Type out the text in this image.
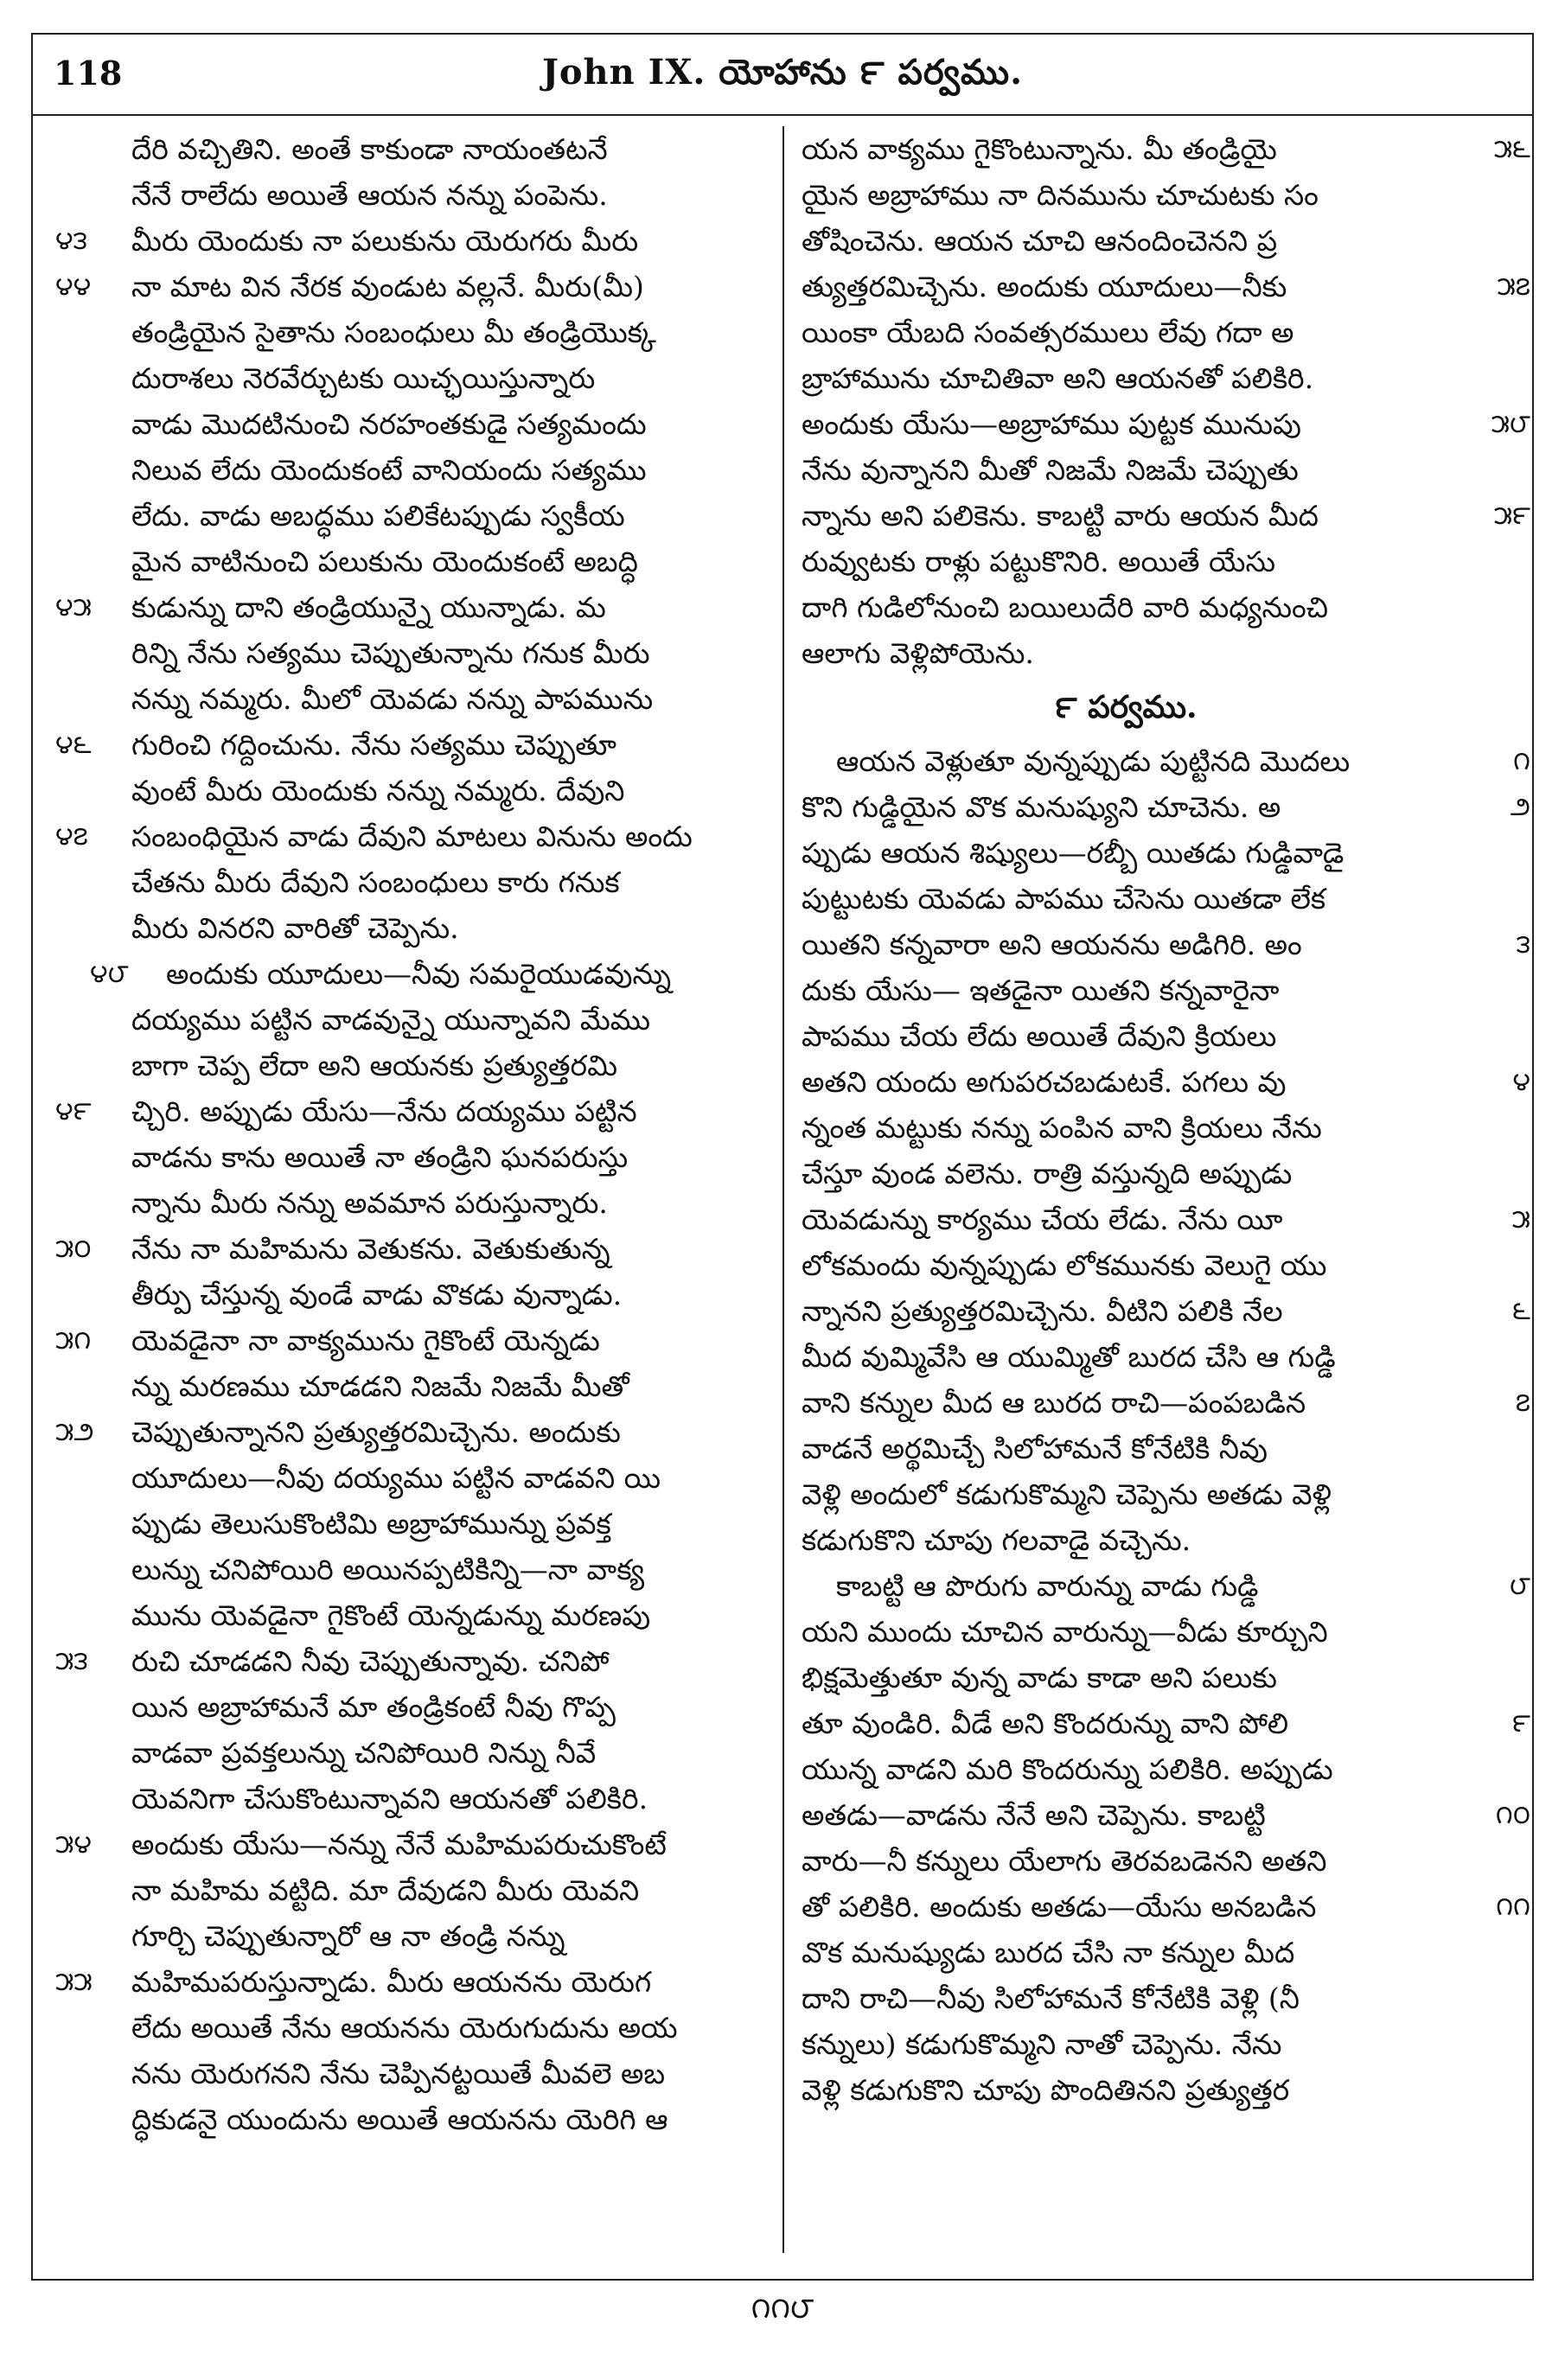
118	John IX. యోహాను ౯ పర్వము.
దేరి వచ్చితిని. అంతే కాకుండా నాయంతటనే
నేనే రాలేదు అయితే ఆయన నన్ను పంపెను.
మీరు యెందుకు నా పలుకును యెరుగరు మీరు
౪౩
నా మాట విన నేరక వుండుట వల్లనే. మీరు(మీ)
౪౪
తండ్రియైన సైతాను సంబంధులు మీ తండ్రియొక్క
దురాశలు నెరవేర్చుటకు యిచ్ఛయిస్తున్నారు
వాడు మొదటినుంచి నరహంతకుడై సత్యమందు
నిలువ లేదు యెందుకంటే వానియందు సత్యము
లేదు. వాడు అబద్ధము పలికేటప్పుడు స్వకీయ
మైన వాటినుంచి పలుకును యెందుకంటే అబద్ధి
కుడున్ను దాని తండ్రియున్నై యున్నాడు. మ
౪౫
రిన్ని నేను సత్యము చెప్పుతున్నాను గనుక మీరు
నన్ను నమ్మరు. మీలో యెవడు నన్ను పాపమును
గురించి గద్దించును. నేను సత్యము చెప్పుతూ
౪౬
వుంటే మీరు యెందుకు నన్ను నమ్మరు. దేవుని
సంబంధియైన వాడు దేవుని మాటలు వినును అందు
౪౭
చేతను మీరు దేవుని సంబంధులు కారు గనుక
మీరు వినరని వారితో చెప్పెను.
అందుకు యూదులు—నీవు సమరైయుడవున్ను
౪౮
దయ్యము పట్టిన వాడవున్నై యున్నావని మేము
బాగా చెప్ప లేదా అని ఆయనకు ప్రత్యుత్తరమి
చ్చిరి. అప్పుడు యేసు—నేను దయ్యము పట్టిన
౪౯
వాడను కాను అయితే నా తండ్రిని ఘనపరుస్తు
న్నాను మీరు నన్ను అవమాన పరుస్తున్నారు.
నేను నా మహిమను వెతుకను. వెతుకుతున్న
౫౦
తీర్పు చేస్తున్న వుండే వాడు వొకడు వున్నాడు.
యెవడైనా నా వాక్యమును గైకొంటే యెన్నడు
౫౧
న్ను మరణము చూడడని నిజమే నిజమే మీతో
చెప్పుతున్నానని ప్రత్యుత్తరమిచ్చెను. అందుకు
౫౨
యూదులు—నీవు దయ్యము పట్టిన వాడవని యి
ప్పుడు తెలుసుకొంటిమి అబ్రాహామున్ను ప్రవక్త
లున్ను చనిపోయిరి అయినప్పటికిన్ని—నా వాక్య
మును యెవడైనా గైకొంటే యెన్నడున్ను మరణపు
రుచి చూడడని నీవు చెప్పుతున్నావు. చనిపో
౫౩
యిన అబ్రాహామనే మా తండ్రికంటే నీవు గొప్ప
వాడవా ప్రవక్తలున్ను చనిపోయిరి నిన్ను నీవే
యెవనిగా చేసుకొంటున్నావని ఆయనతో పలికిరి.
అందుకు యేసు—నన్ను నేనే మహిమపరుచుకొంటే
౫౪
నా మహిమ వట్టిది. మా దేవుడని మీరు యెవని
గూర్చి చెప్పుతున్నారో ఆ నా తండ్రి నన్ను
మహిమపరుస్తున్నాడు. మీరు ఆయనను యెరుగ
౫౫
లేదు అయితే నేను ఆయనను యెరుగుదును అయ
నను యెరుగనని నేను చెప్పినట్టయితే మీవలె అబ
ద్ధికుడనై యుందును అయితే ఆయనను యెరిగి ఆ
యన వాక్యము గైకొంటున్నాను. మీ తండ్రియై	౫౬
యైన అబ్రాహాము నా దినమును చూచుటకు సం
తోషించెను. ఆయన చూచి ఆనందించెనని ప్ర
త్యుత్తరమిచ్చెను. అందుకు యూదులు—నీకు	౫౭
యింకా యేబది సంవత్సరములు లేవు గదా అ
బ్రాహామును చూచితివా అని ఆయనతో పలికిరి.
అందుకు యేసు—అబ్రాహాము పుట్టక మునుపు	౫౮
నేను వున్నానని మీతో నిజమే నిజమే చెప్పుతు
న్నాను అని పలికెను. కాబట్టి వారు ఆయన మీద	౫౯
రువ్వుటకు రాళ్లు పట్టుకొనిరి. అయితే యేసు
దాగి గుడిలోనుంచి బయిలుదేరి వారి మధ్యనుంచి
ఆలాగు వెళ్లిపోయెను.
౯ పర్వము.
ఆయన వెళ్లుతూ వున్నప్పుడు పుట్టినది మొదలు	౧
కొని గుడ్డియైన వొక మనుష్యుని చూచెను. అ	౨
ప్పుడు ఆయన శిష్యులు—రబ్బీ యితడు గుడ్డివాడై
పుట్టుటకు యెవడు పాపము చేసెను యితడా లేక
యితని కన్నవారా అని ఆయనను అడిగిరి. అం	౩
దుకు యేసు— ఇతడైనా యితని కన్నవారైనా
పాపము చేయ లేదు అయితే దేవుని క్రియలు
అతని యందు అగుపరచబడుటకే. పగలు వు	౪
న్నంత మట్టుకు నన్ను పంపిన వాని క్రియలు నేను
చేస్తూ వుండ వలెను. రాత్రి వస్తున్నది అప్పుడు
యెవడున్ను కార్యము చేయ లేడు. నేను యీ	౫
లోకమందు వున్నప్పుడు లోకమునకు వెలుగై యు
న్నానని ప్రత్యుత్తరమిచ్చెను. వీటిని పలికి నేల	౬
మీద వుమ్మివేసి ఆ యుమ్మితో బురద చేసి ఆ గుడ్డి
వాని కన్నుల మీద ఆ బురద రాచి—పంపబడిన	౭
వాడనే అర్థమిచ్చే సిలోహామనే కోనేటికి నీవు
వెళ్లి అందులో కడుగుకొమ్మని చెప్పెను అతడు వెళ్లి
కడుగుకొని చూపు గలవాడై వచ్చెను.
కాబట్టి ఆ పొరుగు వారున్ను వాడు గుడ్డి	౮
యని ముందు చూచిన వారున్ను—వీడు కూర్చుని
భిక్షమెత్తుతూ వున్న వాడు కాడా అని పలుకు
తూ వుండిరి. వీడే అని కొందరున్ను వాని పోలి	౯
యున్న వాడని మరి కొందరున్ను పలికిరి. అప్పుడు
అతడు—వాడను నేనే అని చెప్పెను. కాబట్టి	౧౦
వారు—నీ కన్నులు యేలాగు తెరవబడెనని అతని
తో పలికిరి. అందుకు అతడు—యేసు అనబడిన	౧౧
వొక మనుష్యుడు బురద చేసి నా కన్నుల మీద
దాని రాచి—నీవు సిలోహామనే కోనేటికి వెళ్లి (నీ
కన్నులు) కడుగుకొమ్మని నాతో చెప్పెను. నేను
వెళ్లి కడుగుకొని చూపు పొందితినని ప్రత్యుత్తర
౧౧౮
